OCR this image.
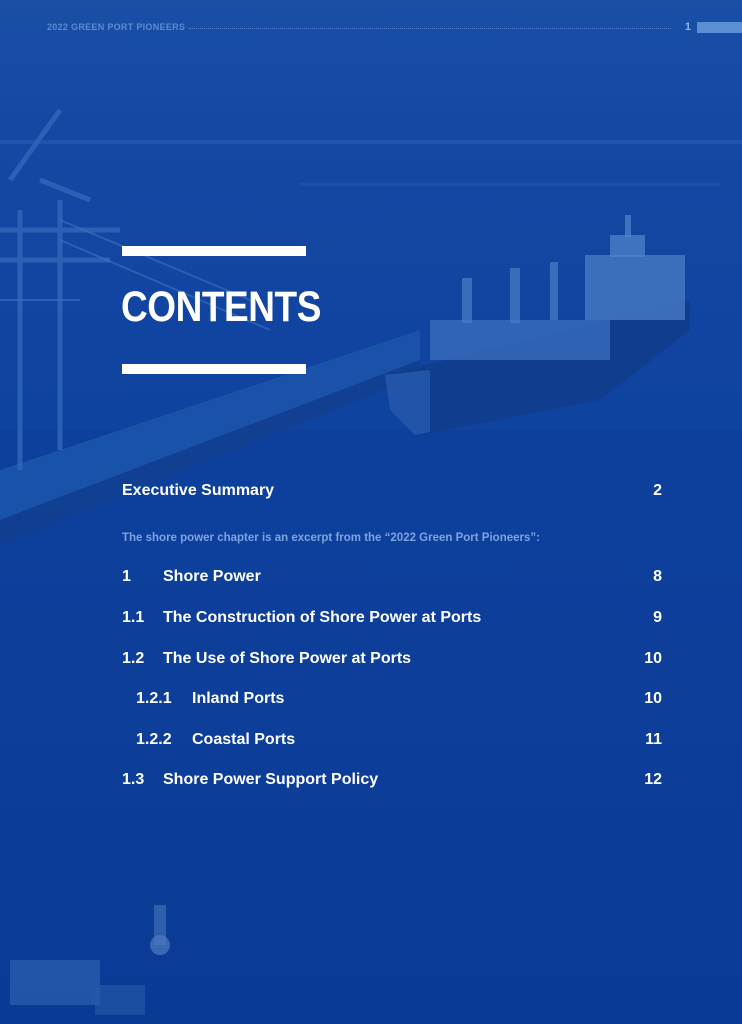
2022 GREEN PORT PIONEERS	1
CONTENTS
Executive Summary	2
The shore power chapter is an excerpt from the “2022 Green Port Pioneers”:
1 Shore Power	8
1.1 The Construction of Shore Power at Ports	9
1.2 The Use of Shore Power at Ports	10
1.2.1 Inland Ports	10
1.2.2 Coastal Ports	11
1.3 Shore Power Support Policy	12
